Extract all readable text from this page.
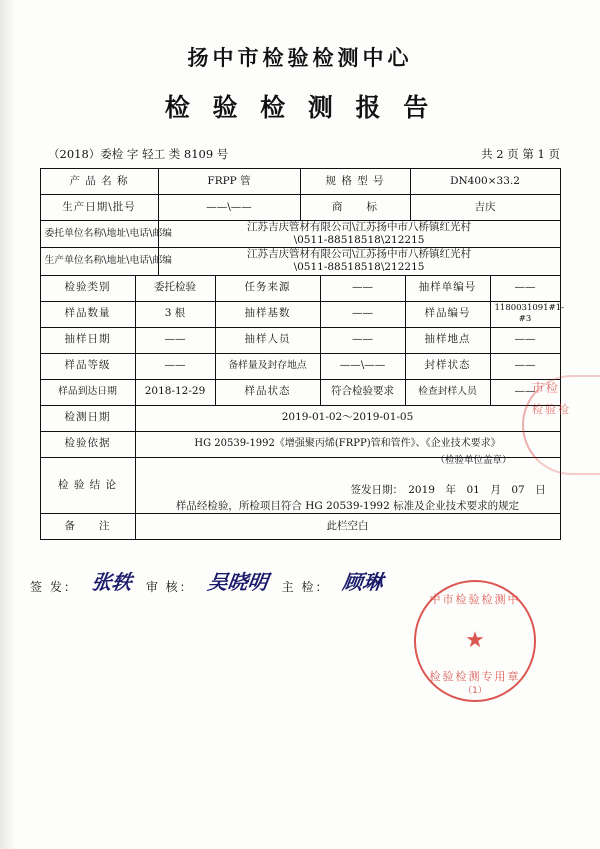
扬中市检验检测中心
检 验 检 测 报 告
（2018）委检 字 轻工 类 8109 号	共 2 页 第 1 页
产 品 名 称	FRPP 管	规 格 型 号	DN400×33.2
生产日期\批号	——\——	商　　标	吉庆
委托单位名称\地址\电话\邮编	江苏吉庆管材有限公司\江苏扬中市八桥镇红光村
\0511-88518518\212215		

生产单位名称\地址\电话\邮编	江苏吉庆管材有限公司\江苏扬中市八桥镇红光村
\0511-88518518\212215		
检验类别	委托检验	任务来源	——	抽样单编号	——
样品数量	3 根	抽样基数	——	样品编号	1180031091#1-#3
抽样日期	——	抽样人员	——	抽样地点	——
样品等级	——	备样量及封存地点	——\——	封样状态	——
样品到达日期	2018-12-29	样品状态	符合检验要求	检查封样人员	——
检测日期	2019-01-02～2019-01-05				
检验依据	HG 20539-1992《增强聚丙烯(FRPP)管和管件》、《企业技术要求》				
检 验 结 论	样品经检验，所检项目符合 HG 20539-1992 标准及企业技术要求的规定
（检验单位盖章）
签发日期：　2019　年　01　月　07　日				

备　　注	此栏空白				
签 发： 张轶 审 核： 吴晓明 主 检： 顾琳
中市检验检测中
★
检验检测专用章
（1）
市检
检验检
